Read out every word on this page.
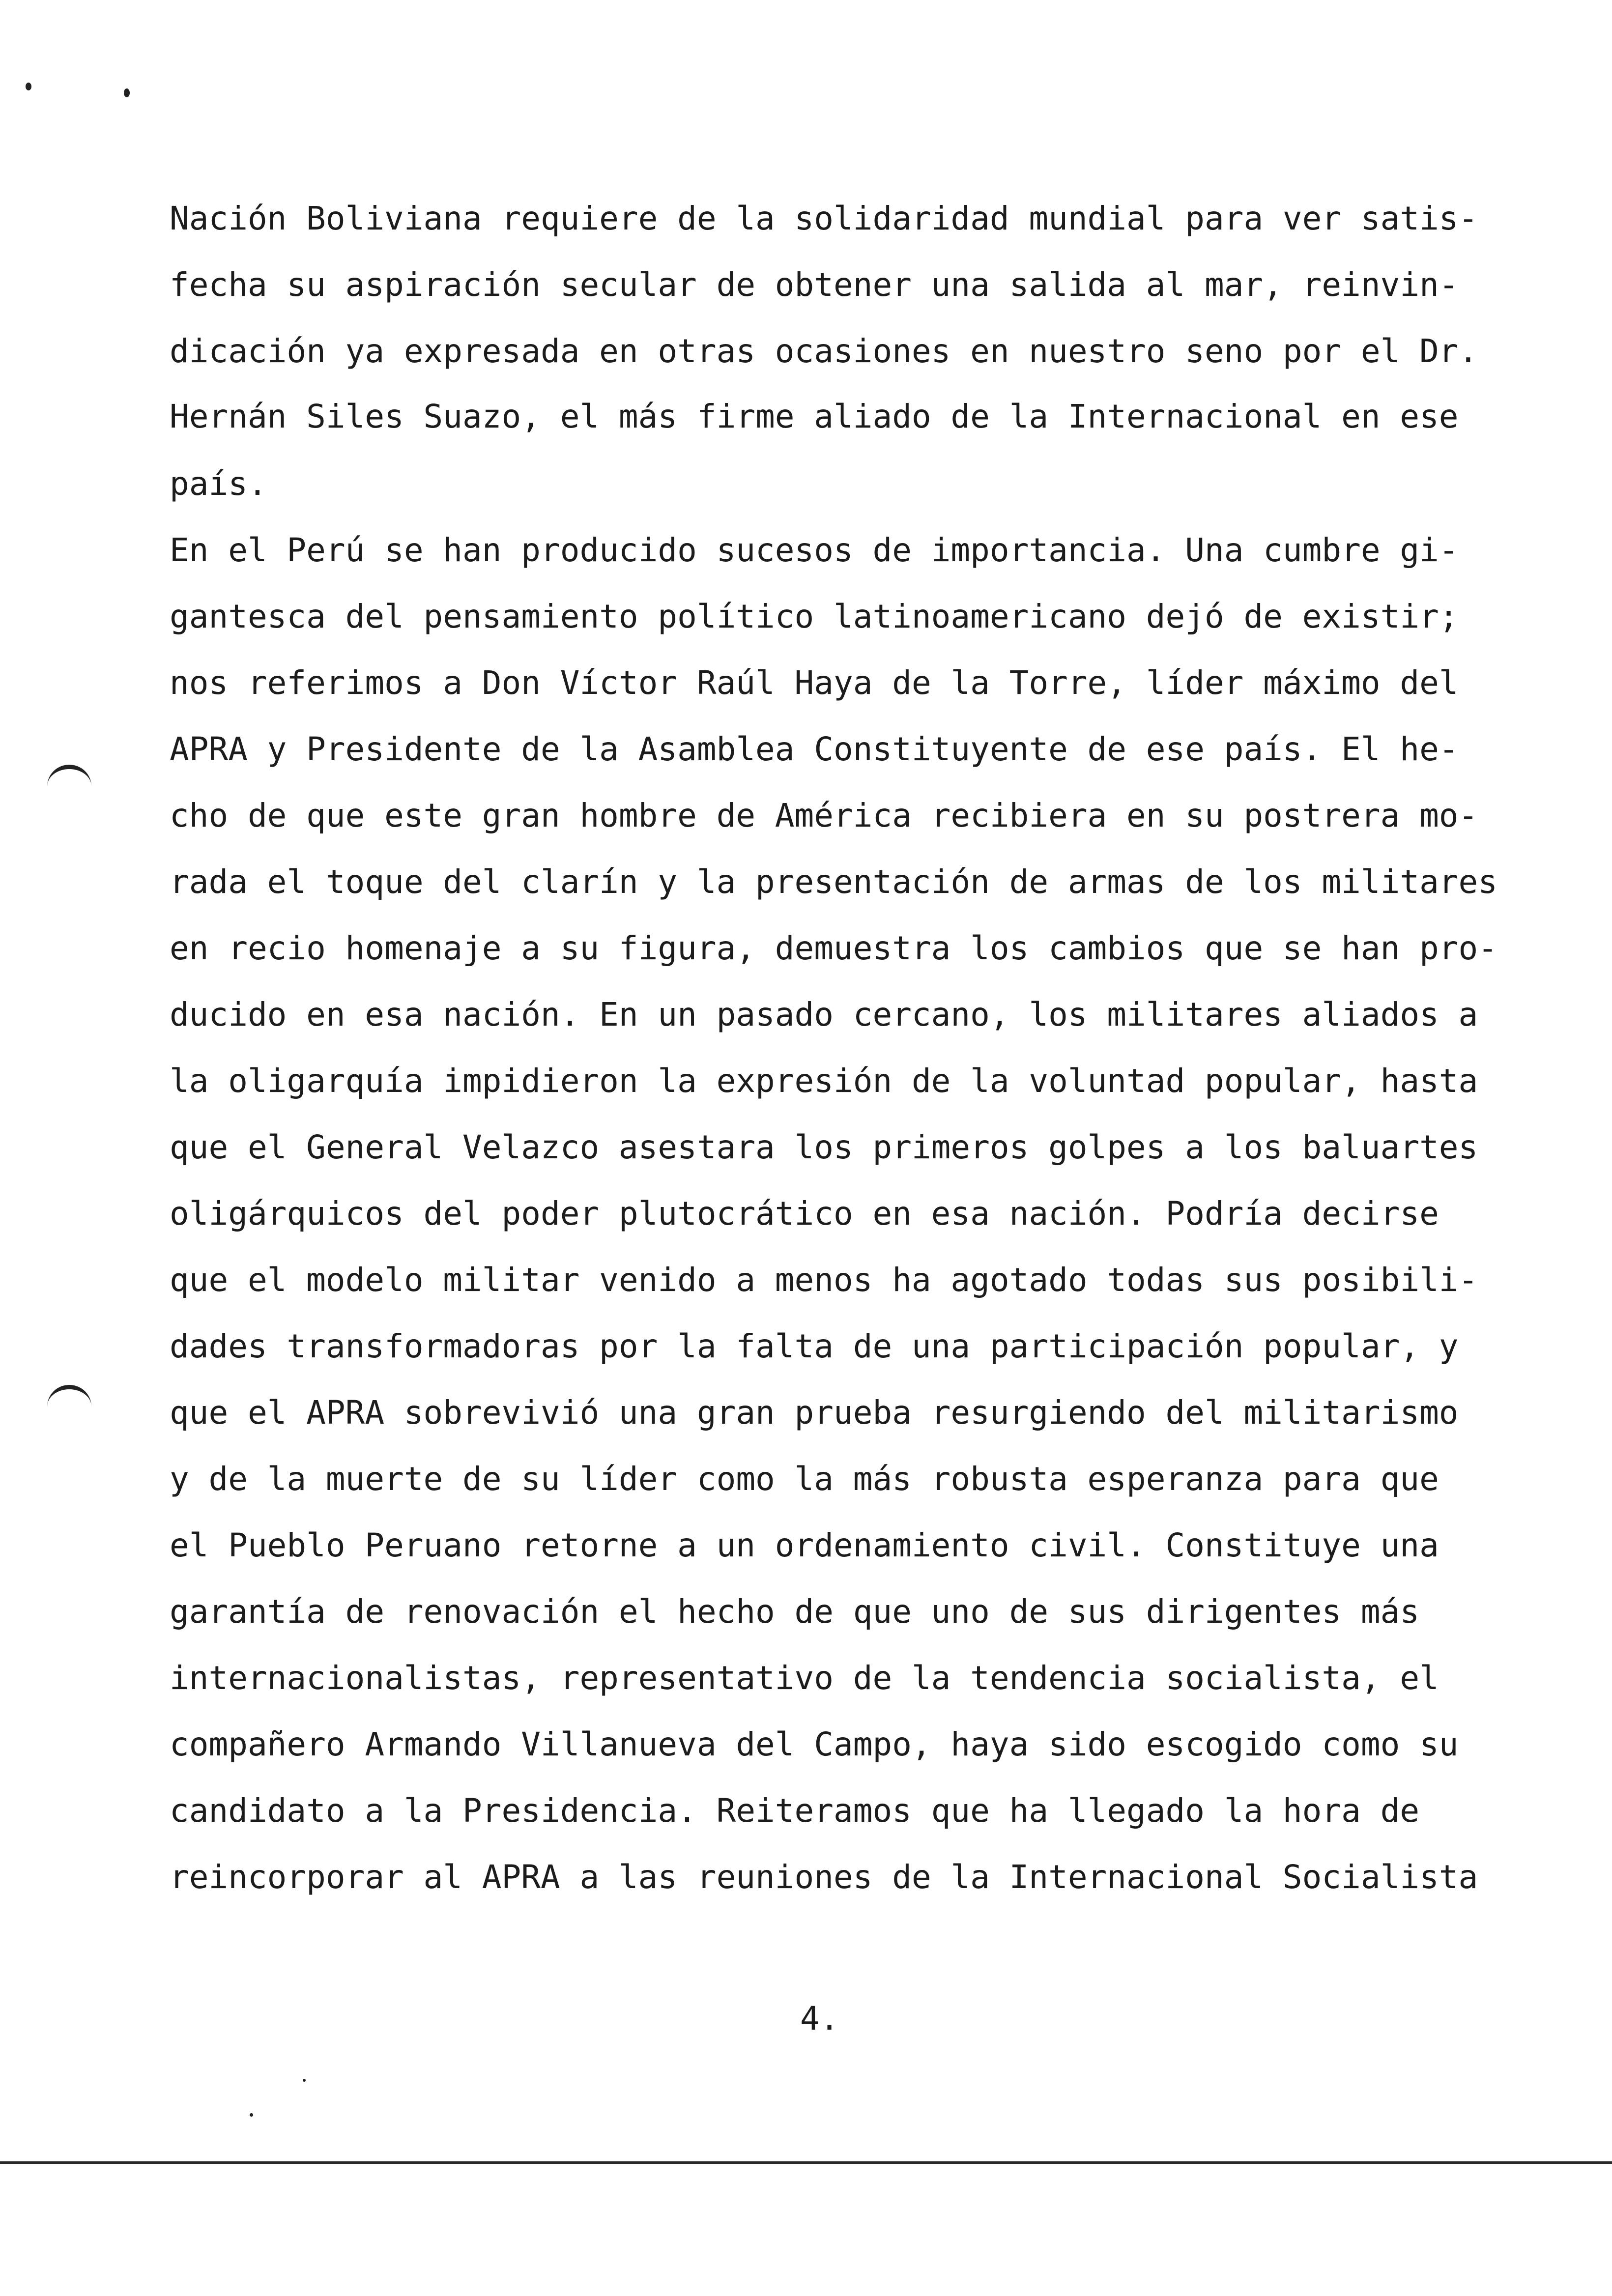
Nación Boliviana requiere de la solidaridad mundial para ver satis-
fecha su aspiración secular de obtener una salida al mar, reinvin-
dicación ya expresada en otras ocasiones en nuestro seno por el Dr.
Hernán Siles Suazo, el más firme aliado de la Internacional en ese
país.
En el Perú se han producido sucesos de importancia. Una cumbre gi-
gantesca del pensamiento político latinoamericano dejó de existir;
nos referimos a Don Víctor Raúl Haya de la Torre, líder máximo del
APRA y Presidente de la Asamblea Constituyente de ese país. El he-
cho de que este gran hombre de América recibiera en su postrera mo-
rada el toque del clarín y la presentación de armas de los militares
en recio homenaje a su figura, demuestra los cambios que se han pro-
ducido en esa nación. En un pasado cercano, los militares aliados a
la oligarquía impidieron la expresión de la voluntad popular, hasta
que el General Velazco asestara los primeros golpes a los baluartes
oligárquicos del poder plutocrático en esa nación. Podría decirse
que el modelo militar venido a menos ha agotado todas sus posibili-
dades transformadoras por la falta de una participación popular, y
que el APRA sobrevivió una gran prueba resurgiendo del militarismo
y de la muerte de su líder como la más robusta esperanza para que
el Pueblo Peruano retorne a un ordenamiento civil. Constituye una
garantía de renovación el hecho de que uno de sus dirigentes más
internacionalistas, representativo de la tendencia socialista, el
compañero Armando Villanueva del Campo, haya sido escogido como su
candidato a la Presidencia. Reiteramos que ha llegado la hora de
reincorporar al APRA a las reuniones de la Internacional Socialista
4.
